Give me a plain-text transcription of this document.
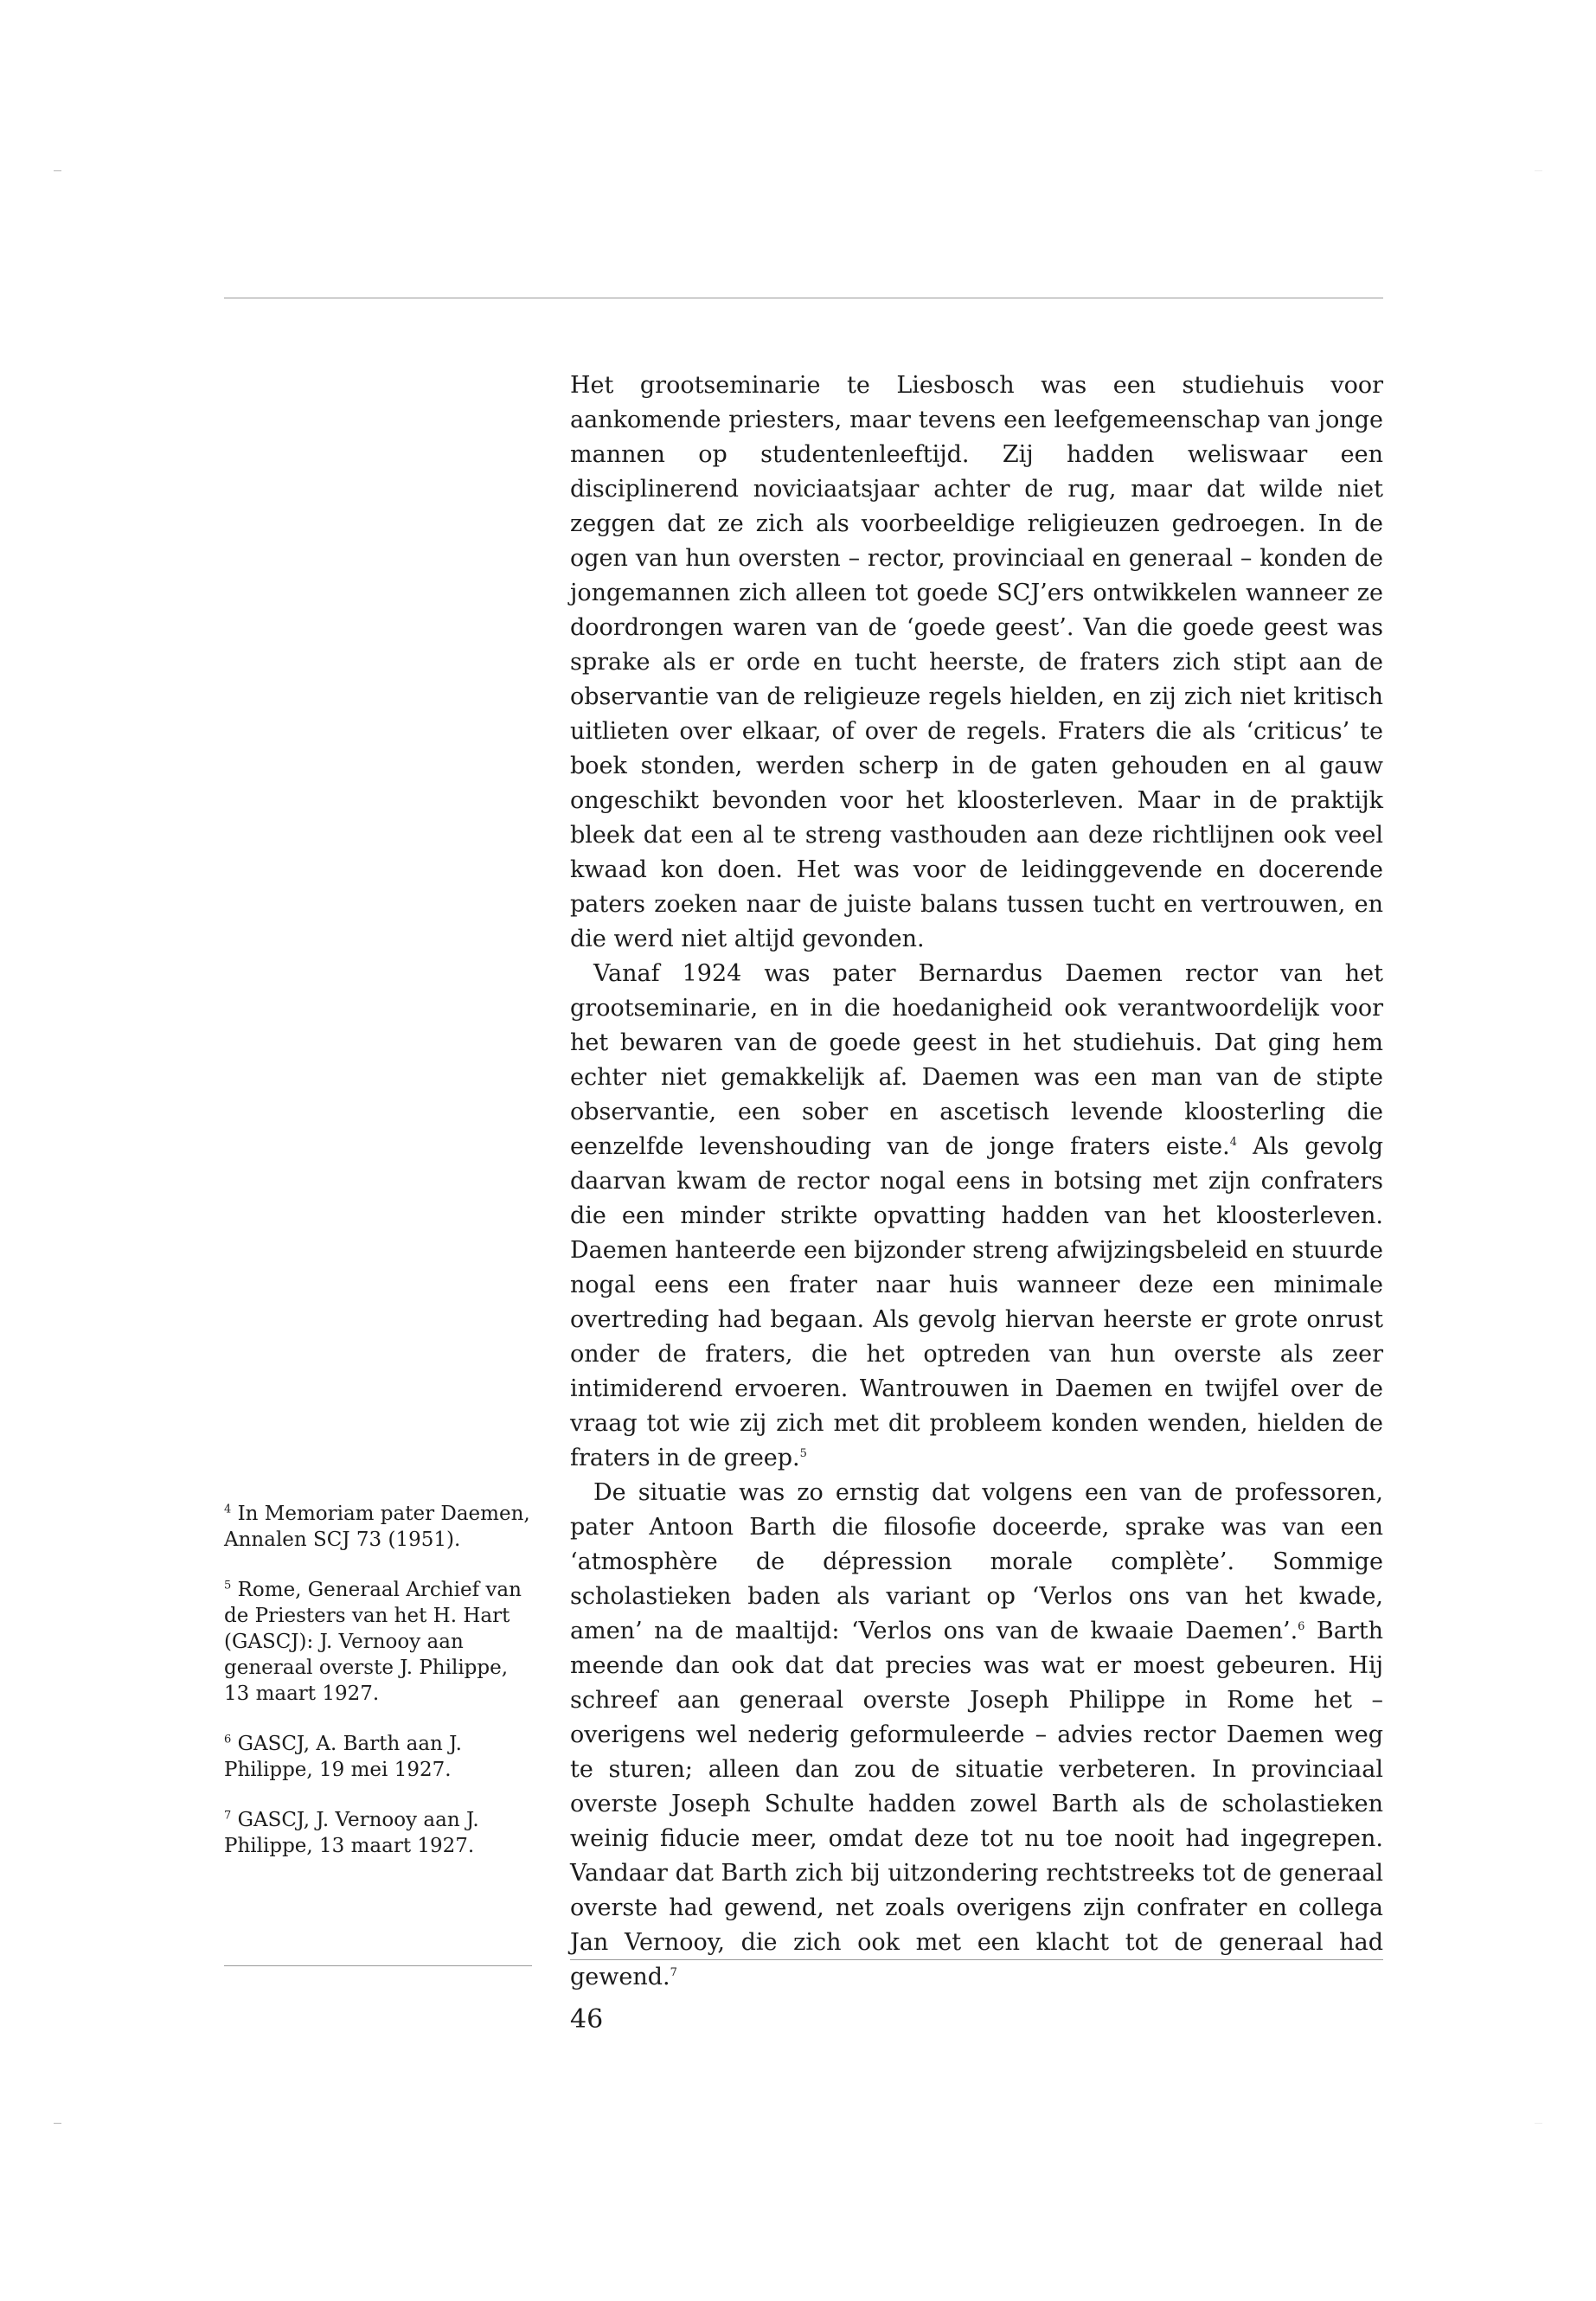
Het grootseminarie te Liesbosch was een studiehuis voor aankomende priesters, maar tevens een leefgemeenschap van jonge mannen op studentenleeftijd. Zij hadden weliswaar een disciplinerend noviciaatsjaar achter de rug, maar dat wilde niet zeggen dat ze zich als voorbeeldige religieuzen gedroegen. In de ogen van hun oversten – rector, provinciaal en generaal – konden de jongemannen zich alleen tot goede SCJ’ers ontwikkelen wanneer ze doordrongen waren van de ‘goede geest’. Van die goede geest was sprake als er orde en tucht heerste, de fraters zich stipt aan de observantie van de religieuze regels hielden, en zij zich niet kritisch uitlieten over elkaar, of over de regels. Fraters die als ‘criticus’ te boek stonden, werden scherp in de gaten gehouden en al gauw ongeschikt bevonden voor het kloosterleven. Maar in de praktijk bleek dat een al te streng vasthouden aan deze richtlijnen ook veel kwaad kon doen. Het was voor de leidinggevende en docerende paters zoeken naar de juiste balans tussen tucht en vertrouwen, en die werd niet altijd gevonden.

Vanaf 1924 was pater Bernardus Daemen rector van het grootseminarie, en in die hoedanigheid ook verantwoordelijk voor het bewaren van de goede geest in het studiehuis. Dat ging hem echter niet gemakkelijk af. Daemen was een man van de stipte observantie, een sober en ascetisch levende kloosterling die eenzelfde levenshouding van de jonge fraters eiste.$^4$ Als gevolg daarvan kwam de rector nogal eens in botsing met zijn confraters die een minder strikte opvatting hadden van het kloosterleven. Daemen hanteerde een bijzonder streng afwijzingsbeleid en stuurde nogal eens een frater naar huis wanneer deze een minimale overtreding had begaan. Als gevolg hiervan heerste er grote onrust onder de fraters, die het optreden van hun overste als zeer intimiderend ervoeren. Wantrouwen in Daemen en twijfel over de vraag tot wie zij zich met dit probleem konden wenden, hielden de fraters in de greep.$^5$

De situatie was zo ernstig dat volgens een van de professoren, pater Antoon Barth die filosofie doceerde, sprake was van een ‘atmosphère de dépression morale complète’. Sommige scholastieken baden als variant op ‘Verlos ons van het kwade, amen’ na de maaltijd: ‘Verlos ons van de kwaaie Daemen’.$^6$ Barth meende dan ook dat dat precies was wat er moest gebeuren. Hij schreef aan generaal overste Joseph Philippe in Rome het – overigens wel nederig geformuleerde – advies rector Daemen weg te sturen; alleen dan zou de situatie verbeteren. In provinciaal overste Joseph Schulte hadden zowel Barth als de scholastieken weinig fiducie meer, omdat deze tot nu toe nooit had ingegrepen. Vandaar dat Barth zich bij uitzondering rechtstreeks tot de generaal overste had gewend, net zoals overigens zijn confrater en collega Jan Vernooy, die zich ook met een klacht tot de generaal had gewend.$^7$

$^4$ In Memoriam pater Daemen, Annalen SCJ 73 (1951).

$^5$ Rome, Generaal Archief van de Priesters van het H. Hart (GASCJ): J. Vernooy aan generaal overste J. Philippe, 13 maart 1927.

$^6$ GASCJ, A. Barth aan J. Philippe, 19 mei 1927.

$^7$ GASCJ, J. Vernooy aan J. Philippe, 13 maart 1927.

46
